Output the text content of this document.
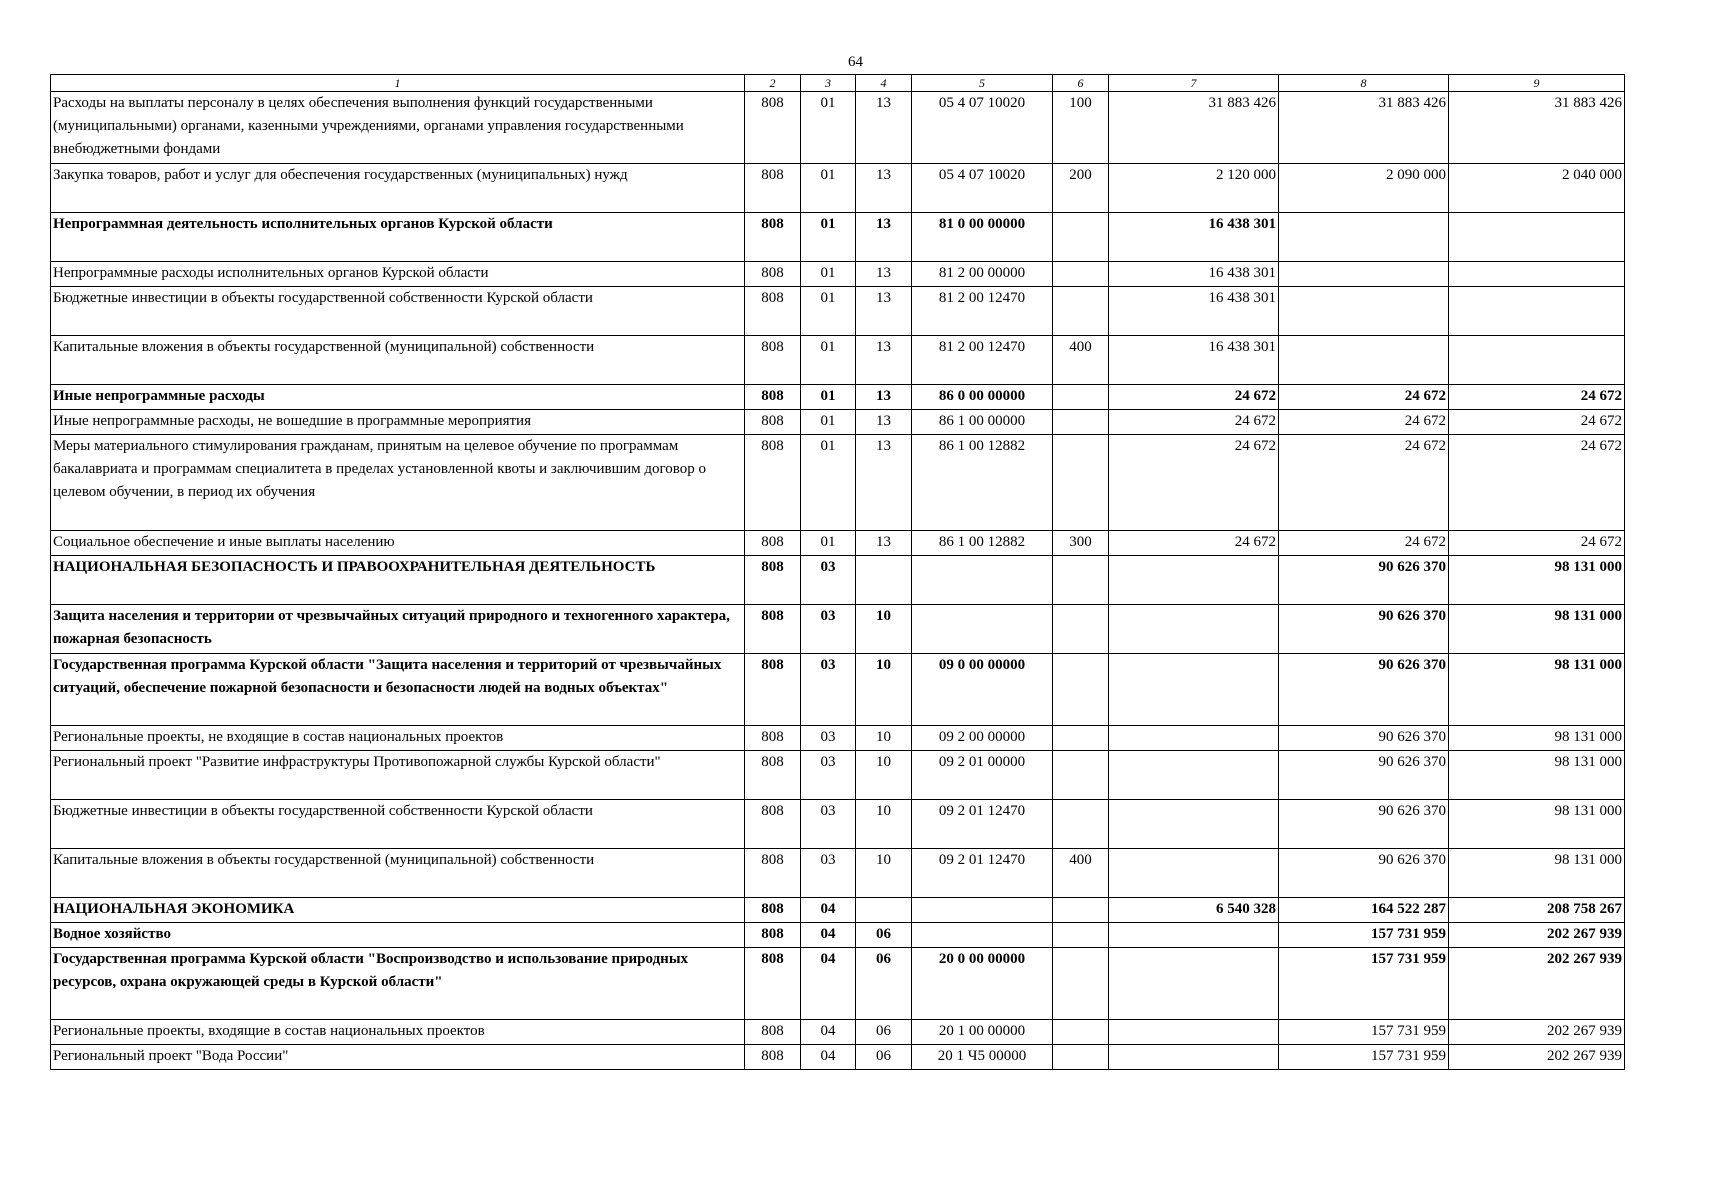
64
1	2	3	4	5	6	7	8	9
Расходы на выплаты персоналу в целях обеспечения выполнения функций государственными (муниципальными) органами, казенными учреждениями, органами управления государственными внебюджетными фондами	808	01	13	05 4 07 10020	100	31 883 426	31 883 426	31 883 426
Закупка товаров, работ и услуг для обеспечения государственных (муниципальных) нужд	808	01	13	05 4 07 10020	200	2 120 000	2 090 000	2 040 000
Непрограммная деятельность исполнительных органов Курской области	808	01	13	81 0 00 00000		16 438 301		
Непрограммные расходы исполнительных органов Курской области	808	01	13	81 2 00 00000		16 438 301		
Бюджетные инвестиции в объекты государственной собственности Курской области	808	01	13	81 2 00 12470		16 438 301		
Капитальные вложения в объекты государственной (муниципальной) собственности	808	01	13	81 2 00 12470	400	16 438 301		
Иные непрограммные расходы	808	01	13	86 0 00 00000		24 672	24 672	24 672
Иные непрограммные расходы, не вошедшие в программные мероприятия	808	01	13	86 1 00 00000		24 672	24 672	24 672
Меры материального стимулирования гражданам, принятым на целевое обучение по программам бакалавриата и программам специалитета в пределах установленной квоты и заключившим договор о целевом обучении, в период их обучения	808	01	13	86 1 00 12882		24 672	24 672	24 672
Социальное обеспечение и иные выплаты населению	808	01	13	86 1 00 12882	300	24 672	24 672	24 672
НАЦИОНАЛЬНАЯ БЕЗОПАСНОСТЬ И ПРАВООХРАНИТЕЛЬНАЯ ДЕЯТЕЛЬНОСТЬ	808	03					90 626 370	98 131 000
Защита населения и территории от чрезвычайных ситуаций природного и техногенного характера, пожарная безопасность	808	03	10				90 626 370	98 131 000
Государственная программа Курской области "Защита населения и территорий от чрезвычайных ситуаций, обеспечение пожарной безопасности и безопасности людей на водных объектах"	808	03	10	09 0 00 00000			90 626 370	98 131 000
Региональные проекты, не входящие в состав национальных проектов	808	03	10	09 2 00 00000			90 626 370	98 131 000
Региональный проект "Развитие инфраструктуры Противопожарной службы Курской области"	808	03	10	09 2 01 00000			90 626 370	98 131 000
Бюджетные инвестиции в объекты государственной собственности Курской области	808	03	10	09 2 01 12470			90 626 370	98 131 000
Капитальные вложения в объекты государственной (муниципальной) собственности	808	03	10	09 2 01 12470	400		90 626 370	98 131 000
НАЦИОНАЛЬНАЯ ЭКОНОМИКА	808	04				6 540 328	164 522 287	208 758 267
Водное хозяйство	808	04	06				157 731 959	202 267 939
Государственная программа Курской области "Воспроизводство и использование природных ресурсов, охрана окружающей среды в Курской области"	808	04	06	20 0 00 00000			157 731 959	202 267 939
Региональные проекты, входящие в состав национальных проектов	808	04	06	20 1 00 00000			157 731 959	202 267 939
Региональный проект "Вода России"	808	04	06	20 1 Ч5 00000			157 731 959	202 267 939
